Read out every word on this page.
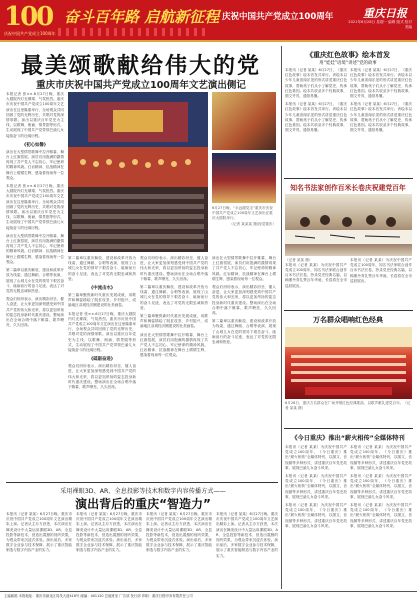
100
庆祝中国共产党成立100周年
奋斗百年路 启航新征程 庆祝中国共产党成立100周年	重庆日报
2021年6月28日 星期一 编辑 版式 校对 美编
最美颂歌献给伟大的党
重庆市庆祝中国共产党成立100周年文艺演出侧记
本报记者 张××.6月27日晚，重庆大剧院内灯光璀璨、气氛热烈。重庆市庆祝中国共产党成立100周年文艺演出在这里隆重举行，全场观众共同回顾了党的光辉历史，共唱对党的深情颂歌。演出以重庆百年党史为主线，以歌舞、朗诵、情景剧等形式，生动展现了中国共产党带领巴渝儿女接续奋斗的壮阔历程。
《初心如磐》
演出在大型情景歌舞中拉开帷幕，舞台上红旗招展，演员们用饱满的激情再现了共产党人不忘初心、牢记使命的精神风貌。红岩精神、抗战精神在舞台上熠熠生辉，感染着现场每一位观众。
本报记者 张××.6月27日晚，重庆大剧院内灯光璀璨、气氛热烈。重庆市庆祝中国共产党成立100周年文艺演出在这里隆重举行，全场观众共同回顾了党的光辉历史，共唱对党的深情颂歌。演出以重庆百年党史为主线，以歌舞、朗诵、情景剧等形式，生动展现了中国共产党带领巴渝儿女接续奋斗的壮阔历程。
演出在大型情景歌舞中拉开帷幕，舞台上红旗招展，演员们用饱满的激情再现了共产党人不忘初心、牢记使命的精神风貌。红岩精神、抗战精神在舞台上熠熠生辉，感染着现场每一位观众。
第二篇章以重庆解放、建设和改革开放为线索，通过舞蹈、合唱等表演，展现了山城儿女在党的领导下艰苦奋斗、砥砺前行的奋斗足迹，表达了对党的无限忠诚和热爱。
观众们纷纷表示，演出精彩纷呈、催人奋进，让大家更加深刻感受到中国共产党的伟大和光荣，将以更加昂扬的姿态投身新时代重庆建设。整场演出在全场合唱中落下帷幕，歌声嘹亮，久久回荡。
6月27日晚，“永远跟党走”重庆市庆祝中国共产党成立100周年文艺演出在重庆大剧院举行。
（记者 某某某 摄/视觉重庆）
第二篇章以重庆解放、建设和改革开放为线索，通过舞蹈、合唱等表演，展现了山城儿女在党的领导下艰苦奋斗、砥砺前行的奋斗足迹，表达了对党的无限忠诚和热爱。
《中流击水》
第三篇章聚焦新时代重庆发展成就，用歌声和舞姿描绘了脱贫攻坚、乡村振兴、成渝地区双城经济圈建设的壮美画卷。
本报记者 张××.6月27日晚，重庆大剧院内灯光璀璨、气氛热烈。重庆市庆祝中国共产党成立100周年文艺演出在这里隆重举行，全场观众共同回顾了党的光辉历史，共唱对党的深情颂歌。演出以重庆百年党史为主线，以歌舞、朗诵、情景剧等形式，生动展现了中国共产党带领巴渝儿女接续奋斗的壮阔历程。
《砥砺奋进》
观众们纷纷表示，演出精彩纷呈、催人奋进，让大家更加深刻感受到中国共产党的伟大和光荣，将以更加昂扬的姿态投身新时代重庆建设。整场演出在全场合唱中落下帷幕，歌声嘹亮，久久回荡。
观众们纷纷表示，演出精彩纷呈、催人奋进，让大家更加深刻感受到中国共产党的伟大和光荣，将以更加昂扬的姿态投身新时代重庆建设。整场演出在全场合唱中落下帷幕，歌声嘹亮，久久回荡。
第二篇章以重庆解放、建设和改革开放为线索，通过舞蹈、合唱等表演，展现了山城儿女在党的领导下艰苦奋斗、砥砺前行的奋斗足迹，表达了对党的无限忠诚和热爱。
第三篇章聚焦新时代重庆发展成就，用歌声和舞姿描绘了脱贫攻坚、乡村振兴、成渝地区双城经济圈建设的壮美画卷。
演出在大型情景歌舞中拉开帷幕，舞台上红旗招展，演员们用饱满的激情再现了共产党人不忘初心、牢记使命的精神风貌。红岩精神、抗战精神在舞台上熠熠生辉，感染着现场每一位观众。
演出在大型情景歌舞中拉开帷幕，舞台上红旗招展，演员们用饱满的激情再现了共产党人不忘初心、牢记使命的精神风貌。红岩精神、抗战精神在舞台上熠熠生辉，感染着现场每一位观众。
观众们纷纷表示，演出精彩纷呈、催人奋进，让大家更加深刻感受到中国共产党的伟大和光荣，将以更加昂扬的姿态投身新时代重庆建设。整场演出在全场合唱中落下帷幕，歌声嘹亮，久久回荡。
第二篇章以重庆解放、建设和改革开放为线索，通过舞蹈、合唱等表演，展现了山城儿女在党的领导下艰苦奋斗、砥砺前行的奋斗足迹，表达了对党的无限忠诚和热爱。
采用裸眼3D、AR、全息投影等技术和数字内容传播方式——
演出背后的重庆“智造力”
本报讯（记者 某某）6月27日晚，重庆市庆祝中国共产党成立100周年文艺演出精彩上演。记者从主办方获悉，本次演出在舞美设计中大量运用裸眼3D、AR、全息投影等新技术，营造出震撼的视听效果，为观众带来沉浸式体验。演出前后，多家数字企业参与技术保障，展示了重庆智能制造与数字内容产业的实力。
本报讯（记者 某某）6月27日晚，重庆市庆祝中国共产党成立100周年文艺演出精彩上演。记者从主办方获悉，本次演出在舞美设计中大量运用裸眼3D、AR、全息投影等新技术，营造出震撼的视听效果，为观众带来沉浸式体验。演出前后，多家数字企业参与技术保障，展示了重庆智能制造与数字内容产业的实力。
本报讯（记者 某某）6月27日晚，重庆市庆祝中国共产党成立100周年文艺演出精彩上演。记者从主办方获悉，本次演出在舞美设计中大量运用裸眼3D、AR、全息投影等新技术，营造出震撼的视听效果，为观众带来沉浸式体验。演出前后，多家数字企业参与技术保障，展示了重庆智能制造与数字内容产业的实力。
本报讯（记者 某某）6月27日晚，重庆市庆祝中国共产党成立100周年文艺演出精彩上演。记者从主办方获悉，本次演出在舞美设计中大量运用裸眼3D、AR、全息投影等新技术，营造出震撼的视听效果，为观众带来沉浸式体验。演出前后，多家数字企业参与技术保障，展示了重庆智能制造与数字内容产业的实力。
《重庆红色故事》绘本首发
用“娃娃”语境“讲述”党的故事
本报讯（记者 某某）6月27日，《重庆红色故事》绘本首发式举行。该绘本以少年儿童喜闻乐见的形式讲述重庆红色故事，帮助孩子们从小了解党史、传承红色基因。绘本共收录多个经典故事，图文并茂、通俗易懂。
本报讯（记者 某某）6月27日，《重庆红色故事》绘本首发式举行。该绘本以少年儿童喜闻乐见的形式讲述重庆红色故事，帮助孩子们从小了解党史、传承红色基因。绘本共收录多个经典故事，图文并茂、通俗易懂。
本报讯（记者 某某）6月27日，《重庆红色故事》绘本首发式举行。该绘本以少年儿童喜闻乐见的形式讲述重庆红色故事，帮助孩子们从小了解党史、传承红色基因。绘本共收录多个经典故事，图文并茂、通俗易懂。
本报讯（记者 某某）6月27日，《重庆红色故事》绘本首发式举行。该绘本以少年儿童喜闻乐见的形式讲述重庆红色故事，帮助孩子们从小了解党史、传承红色基因。绘本共收录多个经典故事，图文并茂、通俗易懂。
知名书法家创作百米长卷庆祝建党百年
（记者 某某 摄）
本报讯（记者 某某）为庆祝中国共产党成立100周年，知名书法家联合创作百米书法长卷，抄录党史经典名篇，以翰墨丹青礼赞百年华诞，长卷将在全市巡回展出。
本报讯（记者 某某）为庆祝中国共产党成立100周年，知名书法家联合创作百米书法长卷，抄录党史经典名篇，以翰墨丹青礼赞百年华诞，长卷将在全市巡回展出。
万名群众唱响红色经典
6月26日，重庆万名群众在广场齐唱红色经典歌曲，以歌声献礼建党百年。（记者 某某 摄）
《今日重庆》推出“薪火相传”全媒体特刊
本报讯（记者 某某）为庆祝中国共产党成立100周年，《今日重庆》推出“薪火相传”全媒体特刊，以图文、音视频等多种形式，讲述重庆百年党史故事，展现巴渝儿女奋斗风采。
本报讯（记者 某某）为庆祝中国共产党成立100周年，《今日重庆》推出“薪火相传”全媒体特刊，以图文、音视频等多种形式，讲述重庆百年党史故事，展现巴渝儿女奋斗风采。
本报讯（记者 某某）为庆祝中国共产党成立100周年，《今日重庆》推出“薪火相传”全媒体特刊，以图文、音视频等多种形式，讲述重庆百年党史故事，展现巴渝儿女奋斗风采。
本报讯（记者 某某）为庆祝中国共产党成立100周年，《今日重庆》推出“薪火相传”全媒体特刊，以图文、音视频等多种形式，讲述重庆百年党史故事，展现巴渝儿女奋斗风采。
本报讯（记者 某某）为庆祝中国共产党成立100周年，《今日重庆》推出“薪火相传”全媒体特刊，以图文、音视频等多种形式，讲述重庆百年党史故事，展现巴渝儿女奋斗风采。
本报讯（记者 某某）为庆祝中国共产党成立100周年，《今日重庆》推出“薪火相传”全媒体特刊，以图文、音视频等多种形式，讲述重庆百年党史故事，展现巴渝儿女奋斗风采。
主编邮箱 本报地址：重庆市渝北区同茂大道416号 邮编：401120 总值班室 广告部 发行部 印刷：重庆日报印务有限责任公司
